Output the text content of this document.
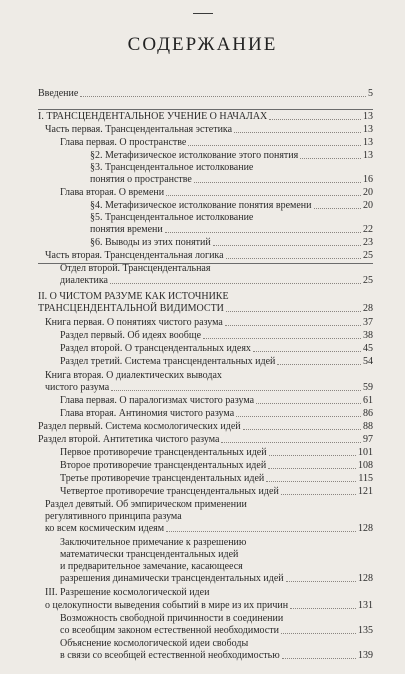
СОДЕРЖАНИЕ
Введение	5
I. ТРАНСЦЕНДЕНТАЛЬНОЕ УЧЕНИЕ О НАЧАЛАХ	13
Часть первая. Трансцендентальная эстетика	13
Глава первая. О пространстве	13
§2. Метафизическое истолкование этого понятия	13
§3. Трансцендентальное истолкование
понятия о пространстве	16
Глава вторая. О времени	20
§4. Метафизическое истолкование понятия времени	20
§5. Трансцендентальное истолкование
понятия времени	22
§6. Выводы из этих понятий	23
Часть вторая. Трансцендентальная логика	25
Отдел второй. Трансцендентальная
диалектика	25
II. О ЧИСТОМ РАЗУМЕ КАК ИСТОЧНИКЕ
ТРАНСЦЕНДЕНТАЛЬНОЙ ВИДИМОСТИ	28
Книга первая. О понятиях чистого разума	37
Раздел первый. Об идеях вообще	38
Раздел второй. О трансцендентальных идеях	45
Раздел третий. Система трансцендентальных идей	54
Книга вторая. О диалектических выводах
чистого разума	59
Глава первая. О паралогизмах чистого разума	61
Глава вторая. Антиномия чистого разума	86
Раздел первый. Система космологических идей	88
Раздел второй. Антитетика чистого разума	97
Первое противоречие трансцендентальных идей	101
Второе противоречие трансцендентальных идей	108
Третье противоречие трансцендентальных идей	115
Четвертое противоречие трансцендентальных идей	121
Раздел девятый. Об эмпирическом применении
регулятивного принципа разума
ко всем космическим идеям	128
Заключительное примечание к разрешению
математически трансцендентальных идей
и предварительное замечание, касающееся
разрешения динамически трансцендентальных идей	128
III. Разрешение космологической идеи
о целокупности выведения событий в мире из их причин	131
Возможность свободной причинности в соединении
со всеобщим законом естественной необходимости	135
Объяснение космологической идеи свободы
в связи со всеобщей естественной необходимостью	139
